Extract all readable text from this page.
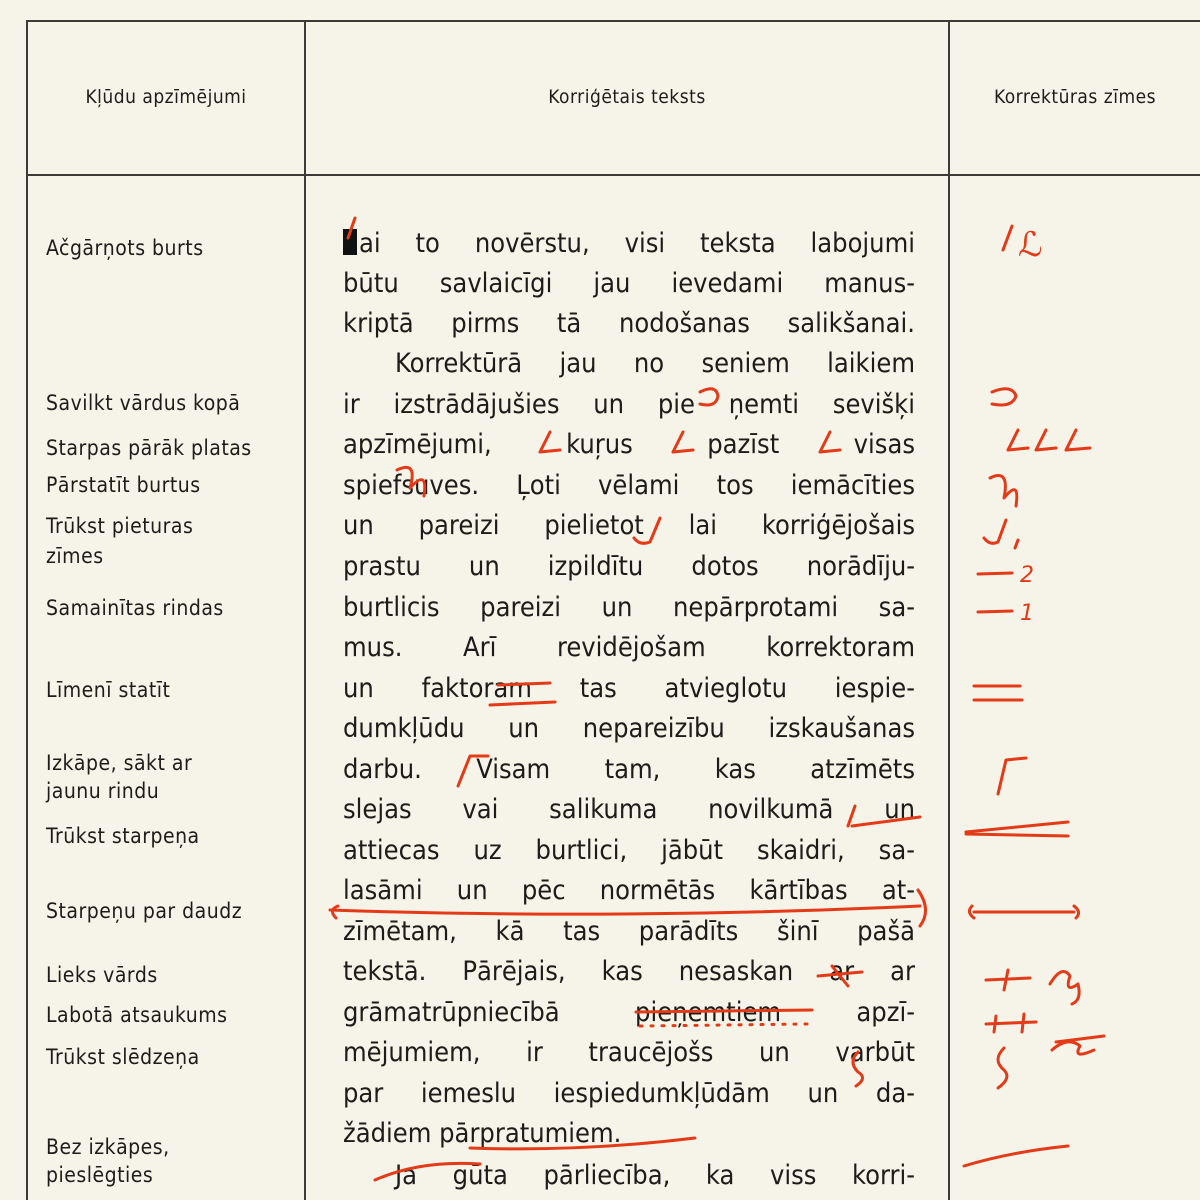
Kļūdu apzīmējumi	Korriģētais teksts	Korrektūras zīmes
Ačgārņots burts
Savilkt vārdus kopā
Starpas pārāk platas
Pārstatīt burtus
Trūkst pieturas
zīmes
Samainītas rindas
Līmenī statīt
Izkāpe, sākt ar
jaunu rindu
Trūkst starpeņa
Starpeņu par daudz
Lieks vārds
Labotā atsaukums
Trūkst slēdzeņa
Bez izkāpes,
pieslēgties
ai to novērstu, visi teksta labojumi
būtu savlaicīgi jau ievedami manus-
kriptā pirms tā nodošanas salikšanai.
Korrektūrā jau no seniem laikiem
ir izstrādājušies un pie ņemti sevišķi
apzīmējumi, kuŗus pazīst visas
spiefsuves. Ļoti vēlami tos iemācīties
un pareizi pielietot lai korriģējošais
prastu un izpildītu dotos norādīju-
burtlicis pareizi un nepārprotami sa-
mus. Arī revidējošam korrektoram
un faktoram tas atvieglotu iespie-
dumkļūdu un nepareizību izskaušanas
darbu. Visam tam, kas atzīmēts
slejas vai salikuma novilkumā un
attiecas uz burtlici, jābūt skaidri, sa-
lasāmi un pēc normētās kārtības at-
zīmētam, kā tas parādīts šinī pašā
tekstā. Pārējais, kas nesaskan ar ar
grāmatrūpniecībā pieņemtiem apzī-
mējumiem, ir traucējošs un varbūt
par iemeslu iespiedumkļūdām un da-
žādiem pārpratumiem.
Ja gūta pārliecība, ka viss korri-
ℒ
2
1
